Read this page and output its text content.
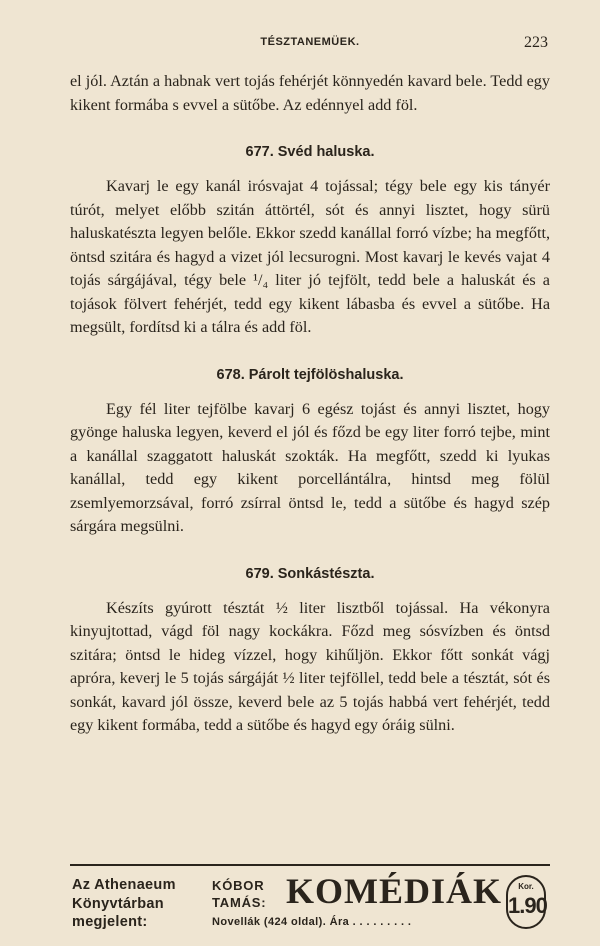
TÉSZTANEMÜEK.	223

el jól. Aztán a habnak vert tojás fehérjét könnyedén kavard bele. Tedd egy kikent formába s evvel a sütőbe. Az edénnyel add föl.

677. Svéd haluska.

Kavarj le egy kanál irósvajat 4 tojással; tégy bele egy kis tányér túrót, melyet előbb szitán áttörtél, sót és annyi lisztet, hogy sürü haluskatészta legyen belőle. Ekkor szedd kanállal forró vízbe; ha megfőtt, öntsd szitára és hagyd a vizet jól lecsurogni. Most kavarj le kevés vajat 4 tojás sárgájával, tégy bele ¹/₄ liter jó tejfölt, tedd bele a haluskát és a tojások fölvert fehérjét, tedd egy kikent lábasba és evvel a sütőbe. Ha megsült, fordítsd ki a tálra és add föl.

678. Párolt tejfölöshaluska.

Egy fél liter tejfölbe kavarj 6 egész tojást és annyi lisztet, hogy gyönge haluska legyen, keverd el jól és főzd be egy liter forró tejbe, mint a kanállal szaggatott haluskát szokták. Ha megfőtt, szedd ki lyukas kanállal, tedd egy kikent porcellántálra, hintsd meg fölül zsemlyemorzsával, forró zsírral öntsd le, tedd a sütőbe és hagyd szép sárgára megsülni.

679. Sonkástészta.

Készíts gyúrott tésztát ½ liter lisztből tojással. Ha vékonyra kinyujtottad, vágd föl nagy kockákra. Főzd meg sósvízben és öntsd szitára; öntsd le hideg vízzel, hogy kihűljön. Ekkor főtt sonkát vágj apróra, keverj le 5 tojás sárgáját ½ liter tejföllel, tedd bele a tésztát, sót és sonkát, kavard jól össze, keverd bele az 5 tojás habbá vert fehérjét, tedd egy kikent formába, tedd a sütőbe és hagyd egy óráig sülni.

Az Athenaeum
Könyvtárban
megjelent:
KÓBOR
TAMÁS: KOMÉDIÁK
Novellák (424 oldal). Ára . . . . . . . . .
Kor.
1.90
